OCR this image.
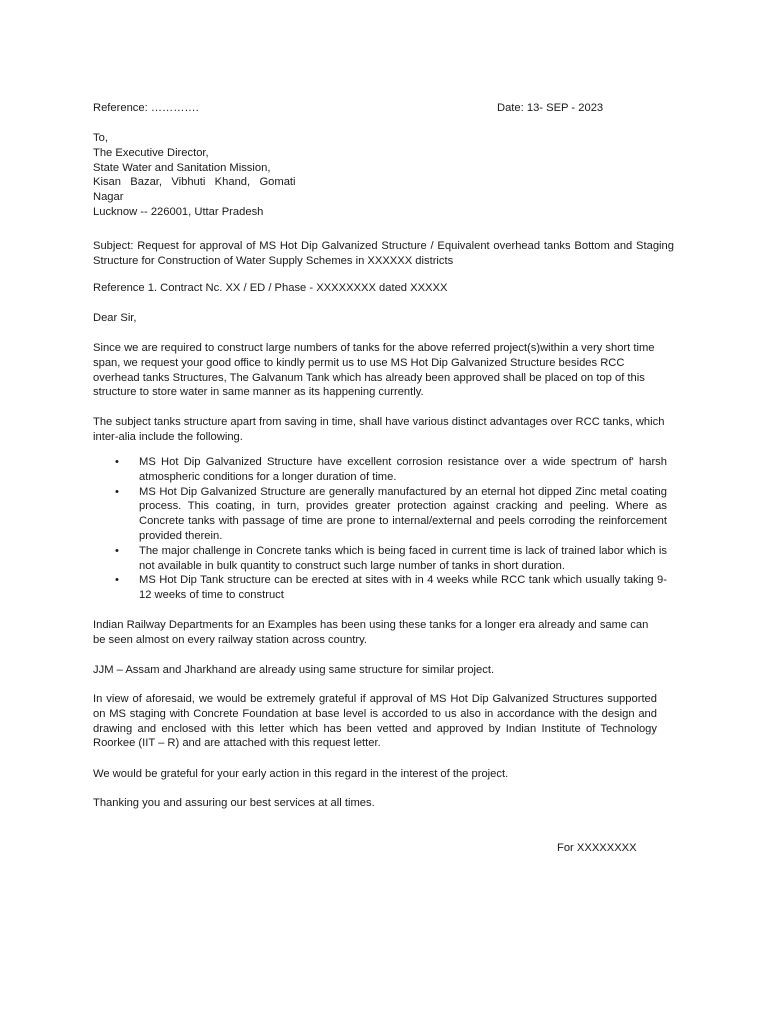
Reference: ………….	Date: 13- SEP - 2023
To,
The Executive Director,
State Water and Sanitation Mission,
Kisan   Bazar,   Vibhuti   Khand,   Gomati
Nagar
Lucknow -- 226001, Uttar Pradesh
Subject: Request for approval of MS Hot Dip Galvanized Structure / Equivalent overhead tanks Bottom and Staging Structure for Construction of Water Supply Schemes in XXXXXX districts
Reference 1. Contract Nc. XX / ED / Phase - XXXXXXXX dated XXXXX
Dear Sir,
Since we are required to construct large numbers of tanks for the above referred project(s)within a very short time span, we request your good office to kindly permit us to use MS Hot Dip Galvanized Structure besides RCC overhead tanks Structures, The Galvanum Tank which has already been approved shall be placed on top of this structure to store water in same manner as its happening currently.
The subject tanks structure apart from saving in time, shall have various distinct advantages over RCC tanks, which inter-alia include the following.
• MS Hot Dip Galvanized Structure have excellent corrosion resistance over a wide spectrum of' harsh atmospheric conditions for a longer duration of time.
• MS Hot Dip Galvanized Structure are generally manufactured by an eternal hot dipped Zinc metal coating process. This coating, in turn, provides greater protection against cracking and peeling. Where as Concrete tanks with passage of time are prone to internal/external and peels corroding the reinforcement provided therein.
• The major challenge in Concrete tanks which is being faced in current time is lack of trained labor which is not available in bulk quantity to construct such large number of tanks in short duration.
• MS Hot Dip Tank structure can be erected at sites with in 4 weeks while RCC tank which usually taking 9-12 weeks of time to construct
Indian Railway Departments for an Examples has been using these tanks for a longer era already and same can be seen almost on every railway station across country.
JJM – Assam and Jharkhand are already using same structure for similar project.
In view of aforesaid, we would be extremely grateful if approval of MS Hot Dip Galvanized Structures supported on MS staging with Concrete Foundation at base level is accorded to us also in accordance with the design and drawing and enclosed with this letter which has been vetted and approved by Indian Institute of Technology Roorkee (IIT – R) and are attached with this request letter.
We would be grateful for your early action in this regard in the interest of the project.
Thanking you and assuring our best services at all times.
For XXXXXXXX
